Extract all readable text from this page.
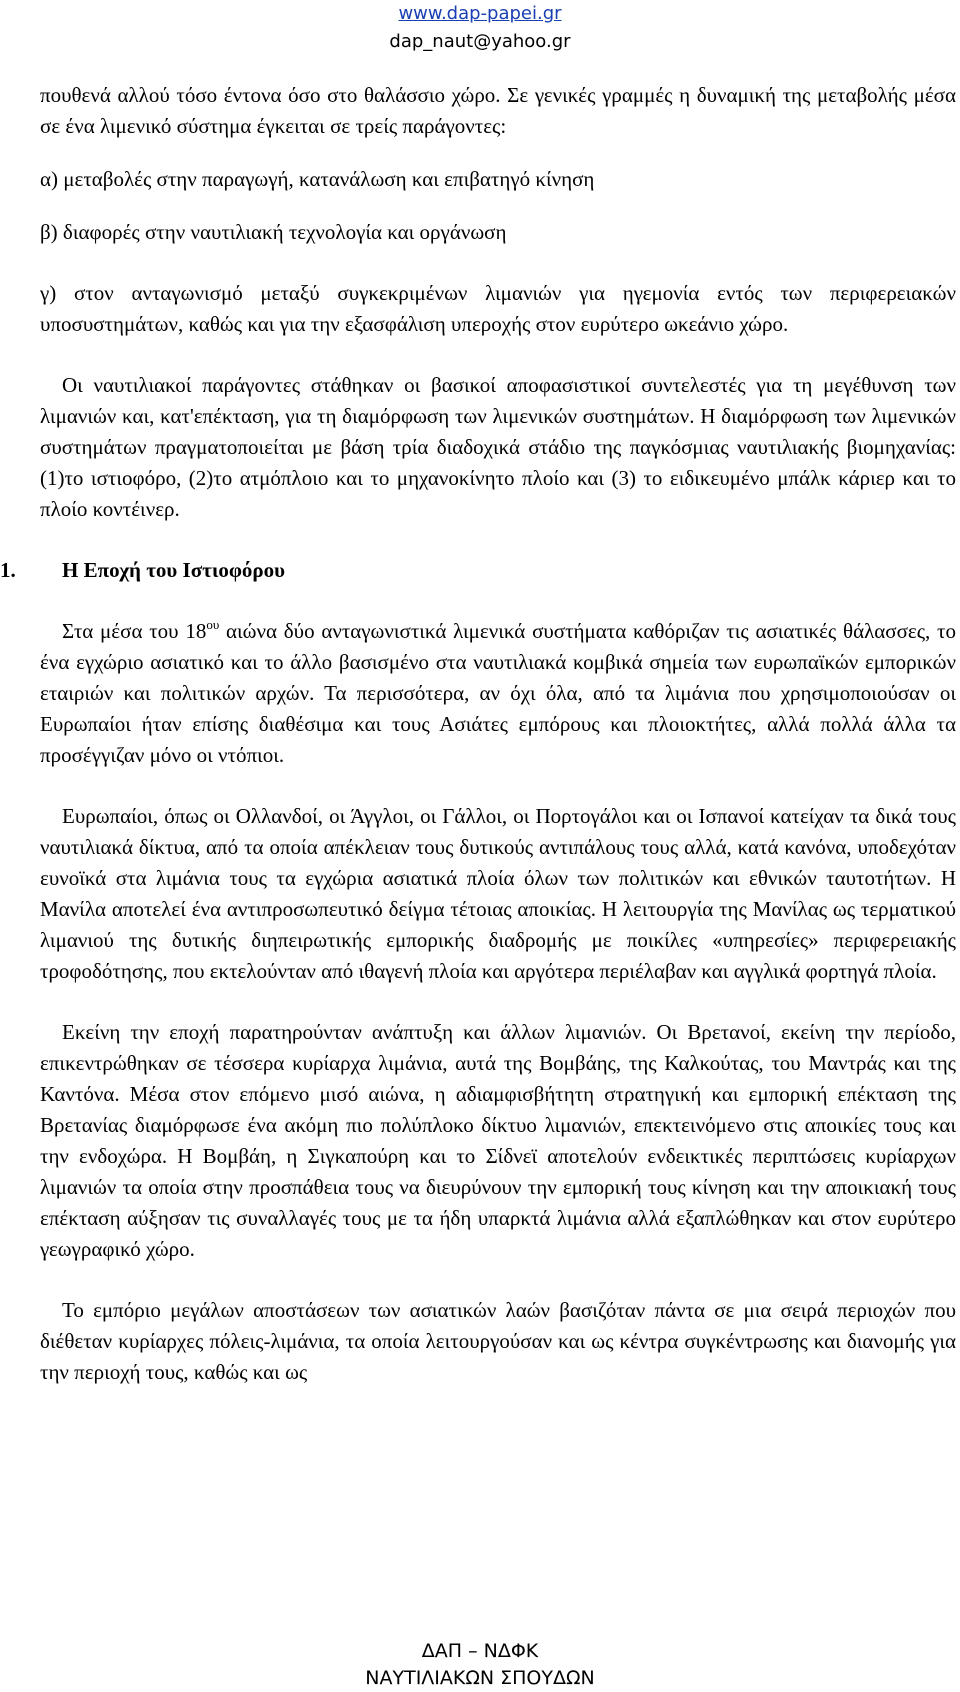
www.dap-papei.gr
dap_naut@yahoo.gr

πουθενά αλλού τόσο έντονα όσο στο θαλάσσιο χώρο. Σε γενικές γραμμές η δυναμική της μεταβολής μέσα σε ένα λιμενικό σύστημα έγκειται σε τρείς παράγοντες:

α) μεταβολές στην παραγωγή, κατανάλωση και επιβατηγό κίνηση

β) διαφορές στην ναυτιλιακή τεχνολογία και οργάνωση

γ) στον ανταγωνισμό μεταξύ συγκεκριμένων λιμανιών για ηγεμονία εντός των περιφερειακών υποσυστημάτων, καθώς και για την εξασφάλιση υπεροχής στον ευρύτερο ωκεάνιο χώρο.

Οι ναυτιλιακοί παράγοντες στάθηκαν οι βασικοί αποφασιστικοί συντελεστές για τη μεγέθυνση των λιμανιών και, κατ'επέκταση, για τη διαμόρφωση των λιμενικών συστημάτων. Η διαμόρφωση των λιμενικών συστημάτων πραγματοποιείται με βάση τρία διαδοχικά στάδιο της παγκόσμιας ναυτιλιακής βιομηχανίας: (1)το ιστιοφόρο, (2)το ατμόπλοιο και το μηχανοκίνητο πλοίο και (3) το ειδικευμένο μπάλκ κάριερ και το πλοίο κοντέινερ.

1. Η Εποχή του Ιστιοφόρου

Στα μέσα του $18^{o\upsilon}$ αιώνα δύο ανταγωνιστικά λιμενικά συστήματα καθόριζαν τις ασιατικές θάλασσες, το ένα εγχώριο ασιατικό και το άλλο βασισμένο στα ναυτιλιακά κομβικά σημεία των ευρωπαϊκών εμπορικών εταιριών και πολιτικών αρχών. Τα περισσότερα, αν όχι όλα, από τα λιμάνια που χρησιμοποιούσαν οι Ευρωπαίοι ήταν επίσης διαθέσιμα και τους Ασιάτες εμπόρους και πλοιοκτήτες, αλλά πολλά άλλα τα προσέγγιζαν μόνο οι ντόπιοι.

Ευρωπαίοι, όπως οι Ολλανδοί, οι Άγγλοι, οι Γάλλοι, οι Πορτογάλοι και οι Ισπανοί κατείχαν τα δικά τους ναυτιλιακά δίκτυα, από τα οποία απέκλειαν τους δυτικούς αντιπάλους τους αλλά, κατά κανόνα, υποδεχόταν ευνοϊκά στα λιμάνια τους τα εγχώρια ασιατικά πλοία όλων των πολιτικών και εθνικών ταυτοτήτων. Η Μανίλα αποτελεί ένα αντιπροσωπευτικό δείγμα τέτοιας αποικίας. Η λειτουργία της Μανίλας ως τερματικού λιμανιού της δυτικής διηπειρωτικής εμπορικής διαδρομής με ποικίλες «υπηρεσίες» περιφερειακής τροφοδότησης, που εκτελούνταν από ιθαγενή πλοία και αργότερα περιέλαβαν και αγγλικά φορτηγά πλοία.

Εκείνη την εποχή παρατηρούνταν ανάπτυξη και άλλων λιμανιών. Οι Βρετανοί, εκείνη την περίοδο, επικεντρώθηκαν σε τέσσερα κυρίαρχα λιμάνια, αυτά της Βομβάης, της Καλκούτας, του Μαντράς και της Καντόνα. Μέσα στον επόμενο μισό αιώνα, η αδιαμφισβήτητη στρατηγική και εμπορική επέκταση της Βρετανίας διαμόρφωσε ένα ακόμη πιο πολύπλοκο δίκτυο λιμανιών, επεκτεινόμενο στις αποικίες τους και την ενδοχώρα. Η Βομβάη, η Σιγκαπούρη και το Σίδνεϊ αποτελούν ενδεικτικές περιπτώσεις κυρίαρχων λιμανιών τα οποία στην προσπάθεια τους να διευρύνουν την εμπορική τους κίνηση και την αποικιακή τους επέκταση αύξησαν τις συναλλαγές τους με τα ήδη υπαρκτά λιμάνια αλλά εξαπλώθηκαν και στον ευρύτερο γεωγραφικό χώρο.

Το εμπόριο μεγάλων αποστάσεων των ασιατικών λαών βασιζόταν πάντα σε μια σειρά περιοχών που διέθεταν κυρίαρχες πόλεις-λιμάνια, τα οποία λειτουργούσαν και ως κέντρα συγκέντρωσης και διανομής για την περιοχή τους, καθώς και ως

ΔΑΠ – ΝΔΦΚ
ΝΑΥΤΙΛΙΑΚΩΝ ΣΠΟΥΔΩΝ
